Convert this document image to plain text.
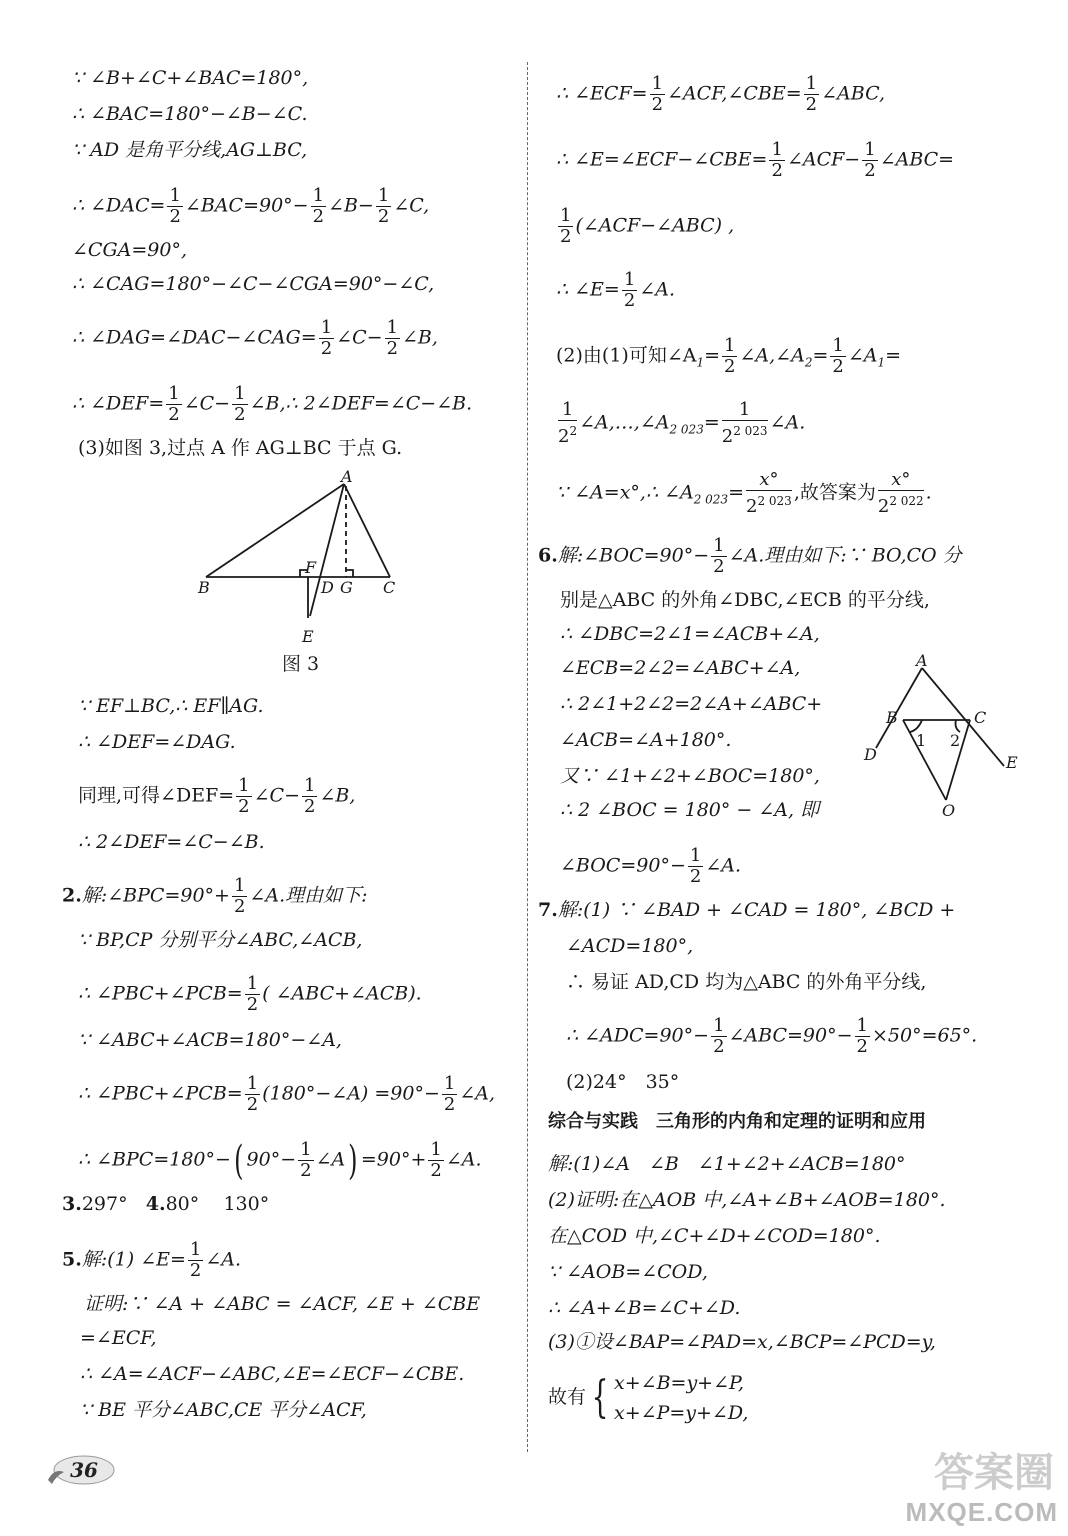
∵ ∠B+∠C+∠BAC=180°,
∴ ∠BAC=180°−∠B−∠C.
∵ AD 是角平分线,AG⊥BC,
∴ ∠DAC= $\frac{1}{2}$ ∠BAC=90°− $\frac{1}{2}$ ∠B− $\frac{1}{2}$ ∠C,
∠CGA=90°,
∴ ∠CAG=180°−∠C−∠CGA=90°−∠C,
∴ ∠DAG=∠DAC−∠CAG= $\frac{1}{2}$ ∠C− $\frac{1}{2}$ ∠B,
∴ ∠DEF= $\frac{1}{2}$ ∠C− $\frac{1}{2}$ ∠B,∴ 2∠DEF=∠C−∠B.
(3)如图 3,过点 A 作 AG⊥BC 于点 G.
A
B	C
D
E
F
G
图 3
∵ EF⊥BC,∴ EF∥AG.
∴ ∠DEF=∠DAG.
同理,可得∠DEF= $\frac{1}{2}$ ∠C− $\frac{1}{2}$ ∠B,
∴ 2∠DEF=∠C−∠B.
2.解:∠BPC=90°+ $\frac{1}{2}$ ∠A.理由如下:
∵ BP,CP 分别平分∠ABC,∠ACB,
∴ ∠PBC+∠PCB= $\frac{1}{2}$ ( ∠ABC+∠ACB).
∵ ∠ABC+∠ACB=180°−∠A,
∴ ∠PBC+∠PCB= $\frac{1}{2}$ (180°−∠A) $=90^\circ- \frac{1}{2}$ ∠A,
∴ ∠BPC=180°−( $90^\circ- \frac{1}{2}$ ∠A) $=90^\circ+ \frac{1}{2}$ ∠A.
3.297° 4.80° 130°
5.解:(1) ∠E= $\frac{1}{2}$ ∠A.
证明:∵ ∠A + ∠ABC = ∠ACF, ∠E + ∠CBE
=∠ECF,
∴ ∠A=∠ACF−∠ABC,∠E=∠ECF−∠CBE.
∵ BE 平分∠ABC,CE 平分∠ACF,
∴ ∠ECF= $\frac{1}{2}$ ∠ACF,∠CBE= $\frac{1}{2}$ ∠ABC,
∴ ∠E=∠ECF−∠CBE= $\frac{1}{2}$ ∠ACF− $\frac{1}{2}$ ∠ABC=
$\frac{1}{2}$ (∠ACF−∠ABC) ,
∴ ∠E= $\frac{1}{2}$ ∠A.
(2)由(1)可知$\angle A_1= \frac{1}{2}$ $\angle A,\angle A_2= \frac{1}{2}$ $\angle A_1=$
$\frac{1}{2^2}$ $\angle A,\dots,\angle A_{2 023}= \frac{1}{2^{2 023}}$ ∠A.
∵ ∠A=x°,∴ $\angle A_{2 023}= \frac{x^\circ}{2^{2 023}}$ ,故答案为 $\frac{x^\circ}{2^{2 022}}$ .
6.解:∠BOC=90°− $\frac{1}{2}$ ∠A.理由如下:∵ BO,CO 分
别是△ABC 的外角∠DBC,∠ECB 的平分线,
∴ ∠DBC=2∠1=∠ACB+∠A,
∠ECB=2∠2=∠ABC+∠A,
∴ 2∠1+2∠2=2∠A+∠ABC+
∠ACB=∠A+180°.
又∵ ∠1+∠2+∠BOC=180°,
∴ 2 ∠BOC = 180° − ∠A, 即
∠BOC=90°− $\frac{1}{2}$ ∠A.
A
B	C
D	E
O
1 2
7.解:(1) ∵ ∠BAD + ∠CAD = 180°, ∠BCD +
∠ACD=180°,
∴ 易证 AD,CD 均为△ABC 的外角平分线,
∴ ∠ADC=90°− $\frac{1}{2}$ ∠ABC=90°− $\frac{1}{2} \times 50^\circ=65^\circ$.
(2)24°　35°
综合与实践　三角形的内角和定理的证明和应用
解:(1)∠A　∠B　∠1+∠2+∠ACB=180°
(2)证明:在△AOB 中,∠A+∠B+∠AOB=180°.
在△COD 中,∠C+∠D+∠COD=180°.
∵ ∠AOB=∠COD,
∴ ∠A+∠B=∠C+∠D.
(3)①设∠BAP=∠PAD=x,∠BCP=∠PCD=y,
故有 { x+∠B=y+∠P,
x+∠P=y+∠D,
36	答案圈
MXQE.COM
